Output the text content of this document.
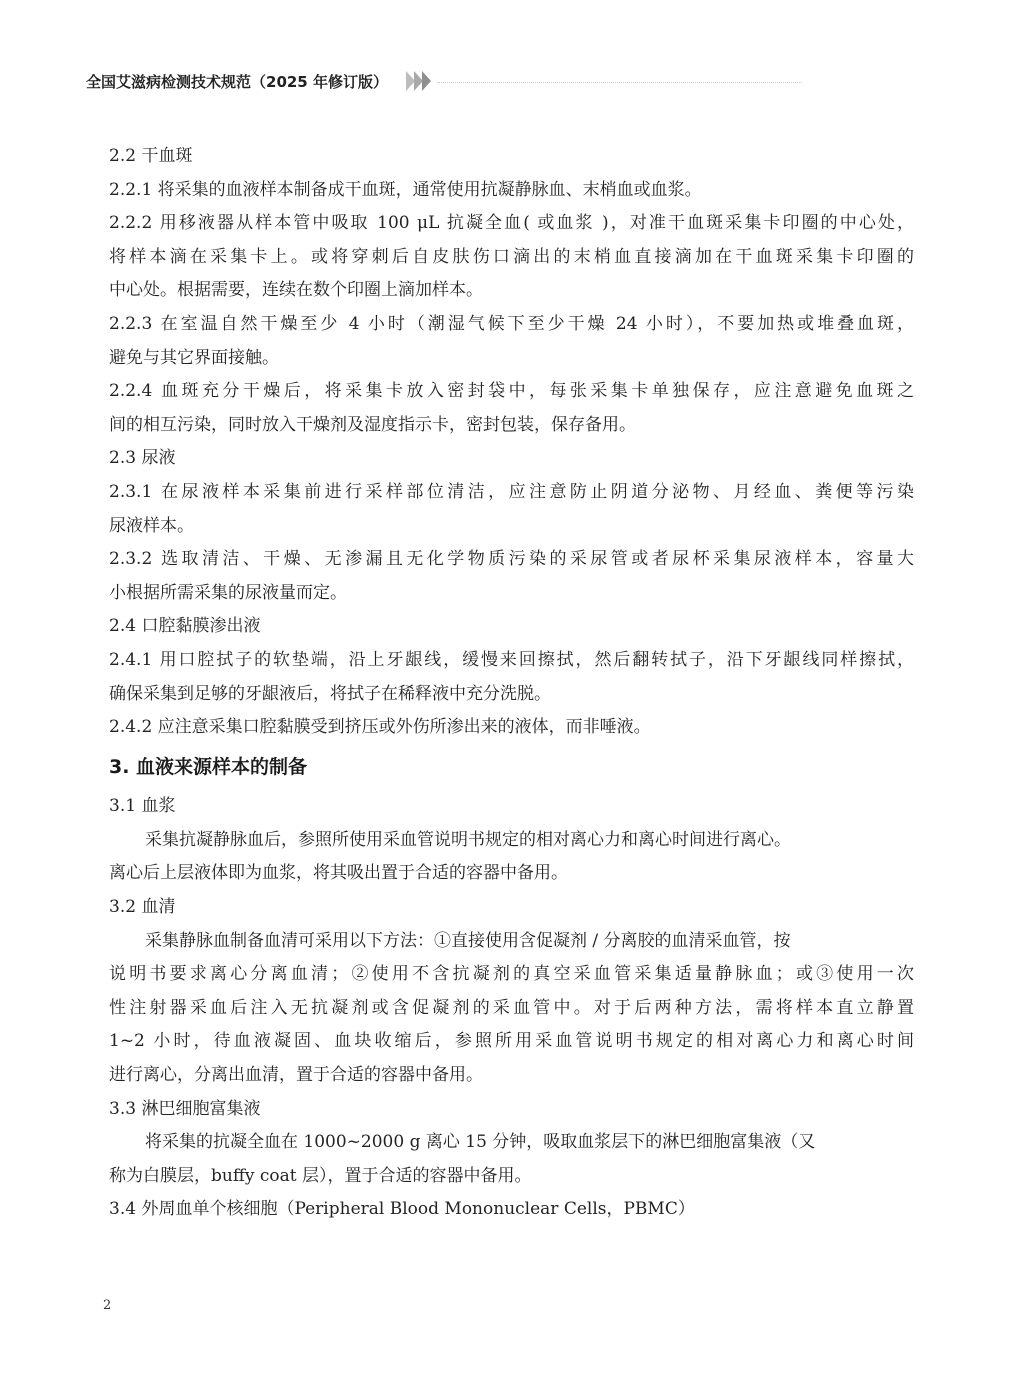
全国艾滋病检测技术规范（2025 年修订版）
2.2 干血斑
2.2.1 将采集的血液样本制备成干血斑，通常使用抗凝静脉血、末梢血或血浆。
2.2.2 用移液器从样本管中吸取 100 μL 抗凝全血( 或血浆 )，对准干血斑采集卡印圈的中心处，
将样本滴在采集卡上。或将穿刺后自皮肤伤口滴出的末梢血直接滴加在干血斑采集卡印圈的
中心处。根据需要，连续在数个印圈上滴加样本。
2.2.3 在室温自然干燥至少 4 小时（潮湿气候下至少干燥 24 小时），不要加热或堆叠血斑，
避免与其它界面接触。
2.2.4 血斑充分干燥后，将采集卡放入密封袋中，每张采集卡单独保存，应注意避免血斑之
间的相互污染，同时放入干燥剂及湿度指示卡，密封包装，保存备用。
2.3 尿液
2.3.1 在尿液样本采集前进行采样部位清洁，应注意防止阴道分泌物、月经血、粪便等污染
尿液样本。
2.3.2 选取清洁、干燥、无渗漏且无化学物质污染的采尿管或者尿杯采集尿液样本，容量大
小根据所需采集的尿液量而定。
2.4 口腔黏膜渗出液
2.4.1 用口腔拭子的软垫端，沿上牙龈线，缓慢来回擦拭，然后翻转拭子，沿下牙龈线同样擦拭，
确保采集到足够的牙龈液后，将拭子在稀释液中充分洗脱。
2.4.2 应注意采集口腔黏膜受到挤压或外伤所渗出来的液体，而非唾液。
3. 血液来源样本的制备
3.1 血浆
采集抗凝静脉血后，参照所使用采血管说明书规定的相对离心力和离心时间进行离心。
离心后上层液体即为血浆，将其吸出置于合适的容器中备用。
3.2 血清
采集静脉血制备血清可采用以下方法：①直接使用含促凝剂 / 分离胶的血清采血管，按
说明书要求离心分离血清；②使用不含抗凝剂的真空采血管采集适量静脉血；或③使用一次
性注射器采血后注入无抗凝剂或含促凝剂的采血管中。对于后两种方法，需将样本直立静置
1~2 小时，待血液凝固、血块收缩后，参照所用采血管说明书规定的相对离心力和离心时间
进行离心，分离出血清，置于合适的容器中备用。
3.3 淋巴细胞富集液
将采集的抗凝全血在 1000~2000 g 离心 15 分钟，吸取血浆层下的淋巴细胞富集液（又
称为白膜层，buffy coat 层），置于合适的容器中备用。
3.4 外周血单个核细胞（Peripheral Blood Mononuclear Cells，PBMC）
2
